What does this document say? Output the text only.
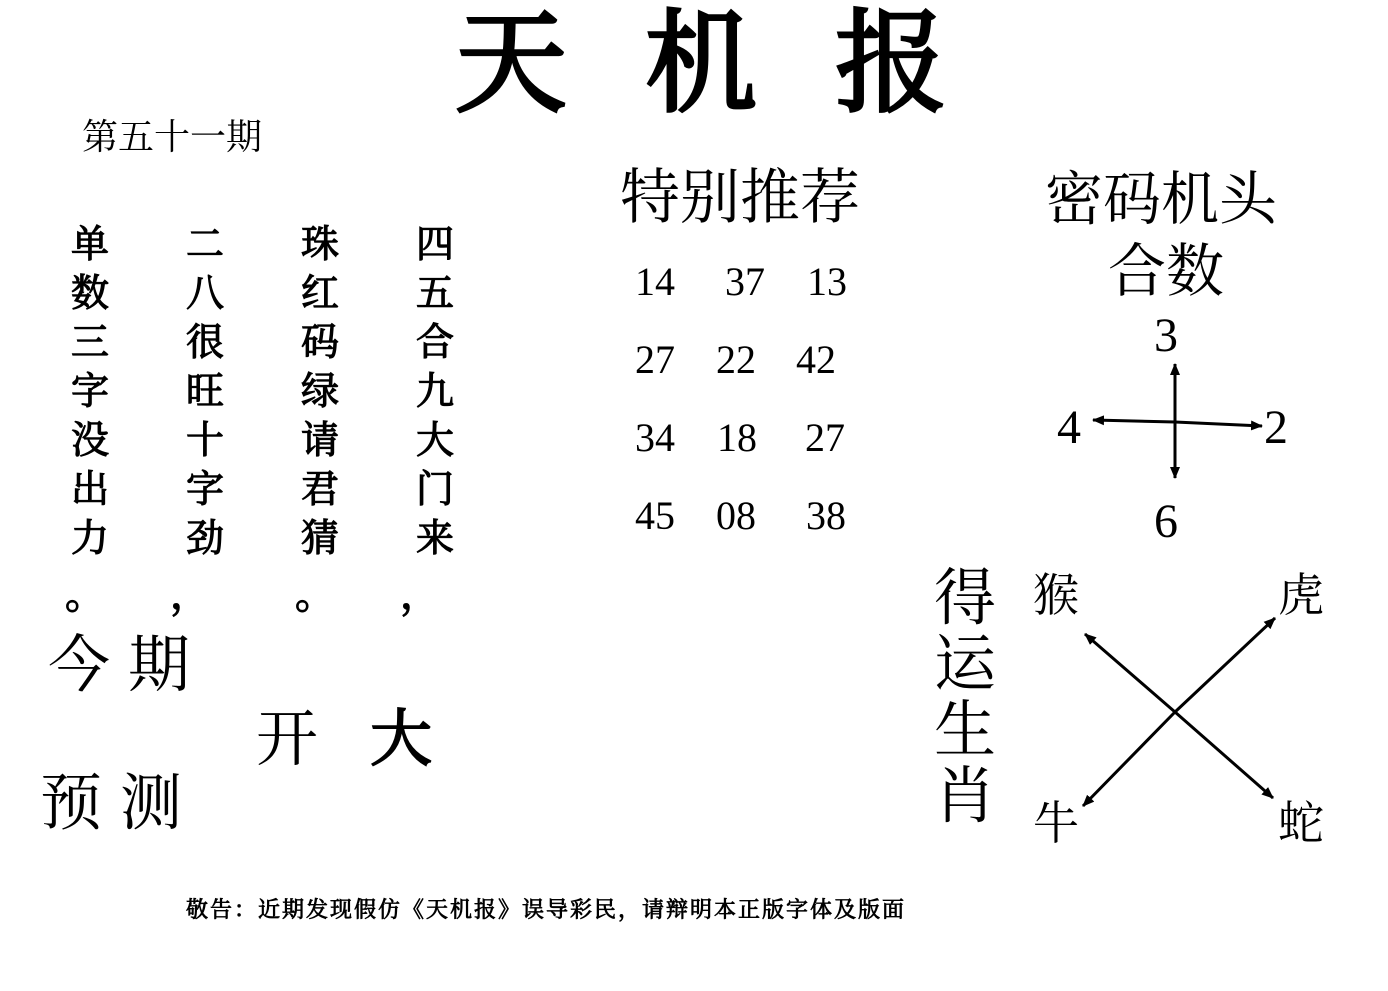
天机报
第五十一期
单数三字没出力
二八很旺十字劲
珠红码绿请君猜
四五合九大门来
。 ， 。 ，
今期
预测
开 大
特别推荐
14 37 13
27 22 42
34 18 27
45 08 38
密码机头
合数
3
4	2
6
得运生肖
猴	虎
牛	蛇
敬告：近期发现假仿《天机报》误导彩民，请辩明本正版字体及版面
